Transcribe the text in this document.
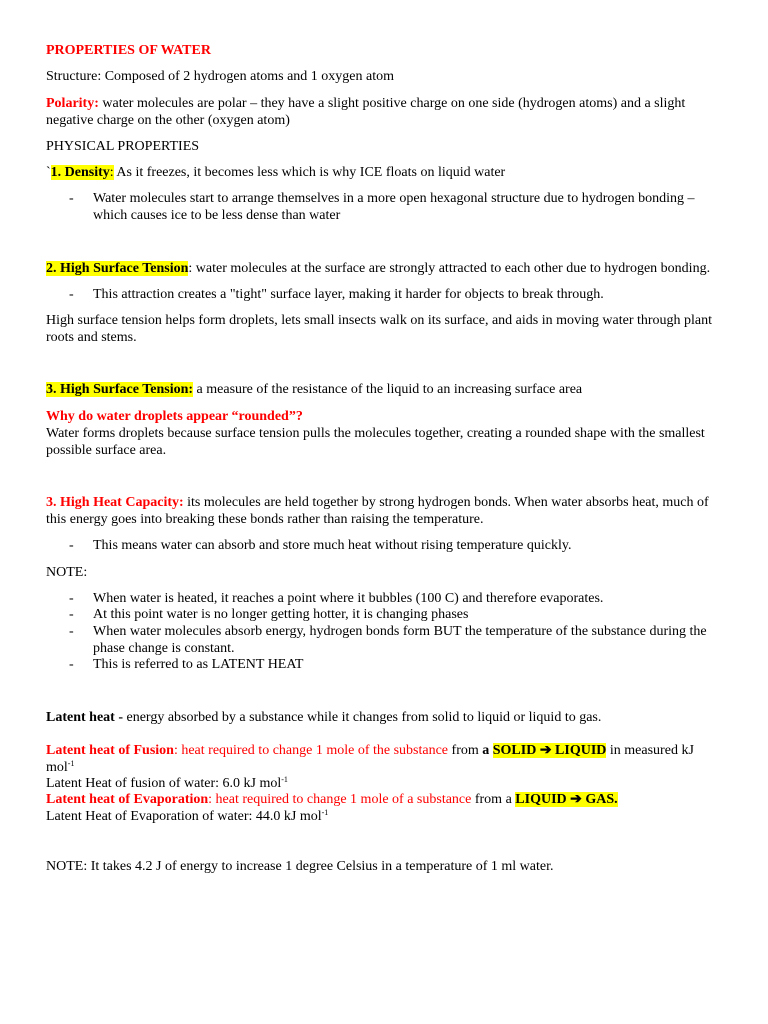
PROPERTIES OF WATER
Structure: Composed of 2 hydrogen atoms and 1 oxygen atom
Polarity: water molecules are polar – they have a slight positive charge on one side (hydrogen atoms) and a slight negative charge on the other (oxygen atom)
PHYSICAL PROPERTIES
`1. Density: As it freezes, it becomes less which is why ICE floats on liquid water
- Water molecules start to arrange themselves in a more open hexagonal structure due to hydrogen bonding – which causes ice to be less dense than water
2. High Surface Tension: water molecules at the surface are strongly attracted to each other due to hydrogen bonding.
- This attraction creates a "tight" surface layer, making it harder for objects to break through.
High surface tension helps form droplets, lets small insects walk on its surface, and aids in moving water through plant roots and stems.
3. High Surface Tension: a measure of the resistance of the liquid to an increasing surface area
Why do water droplets appear “rounded”?
Water forms droplets because surface tension pulls the molecules together, creating a rounded shape with the smallest possible surface area.
3. High Heat Capacity: its molecules are held together by strong hydrogen bonds. When water absorbs heat, much of this energy goes into breaking these bonds rather than raising the temperature.
- This means water can absorb and store much heat without rising temperature quickly.
NOTE:
- When water is heated, it reaches a point where it bubbles (100 C) and therefore evaporates.
- At this point water is no longer getting hotter, it is changing phases
- When water molecules absorb energy, hydrogen bonds form BUT the temperature of the substance during the phase change is constant.
- This is referred to as LATENT HEAT
Latent heat - energy absorbed by a substance while it changes from solid to liquid or liquid to gas.
Latent heat of Fusion: heat required to change 1 mole of the substance from a SOLID ➔ LIQUID in measured kJ mol$^{-1}$
Latent Heat of fusion of water: 6.0 kJ mol$^{-1}$
Latent heat of Evaporation: heat required to change 1 mole of a substance from a LIQUID ➔ GAS.
Latent Heat of Evaporation of water: 44.0 kJ mol$^{-1}$
NOTE: It takes 4.2 J of energy to increase 1 degree Celsius in a temperature of 1 ml water.
